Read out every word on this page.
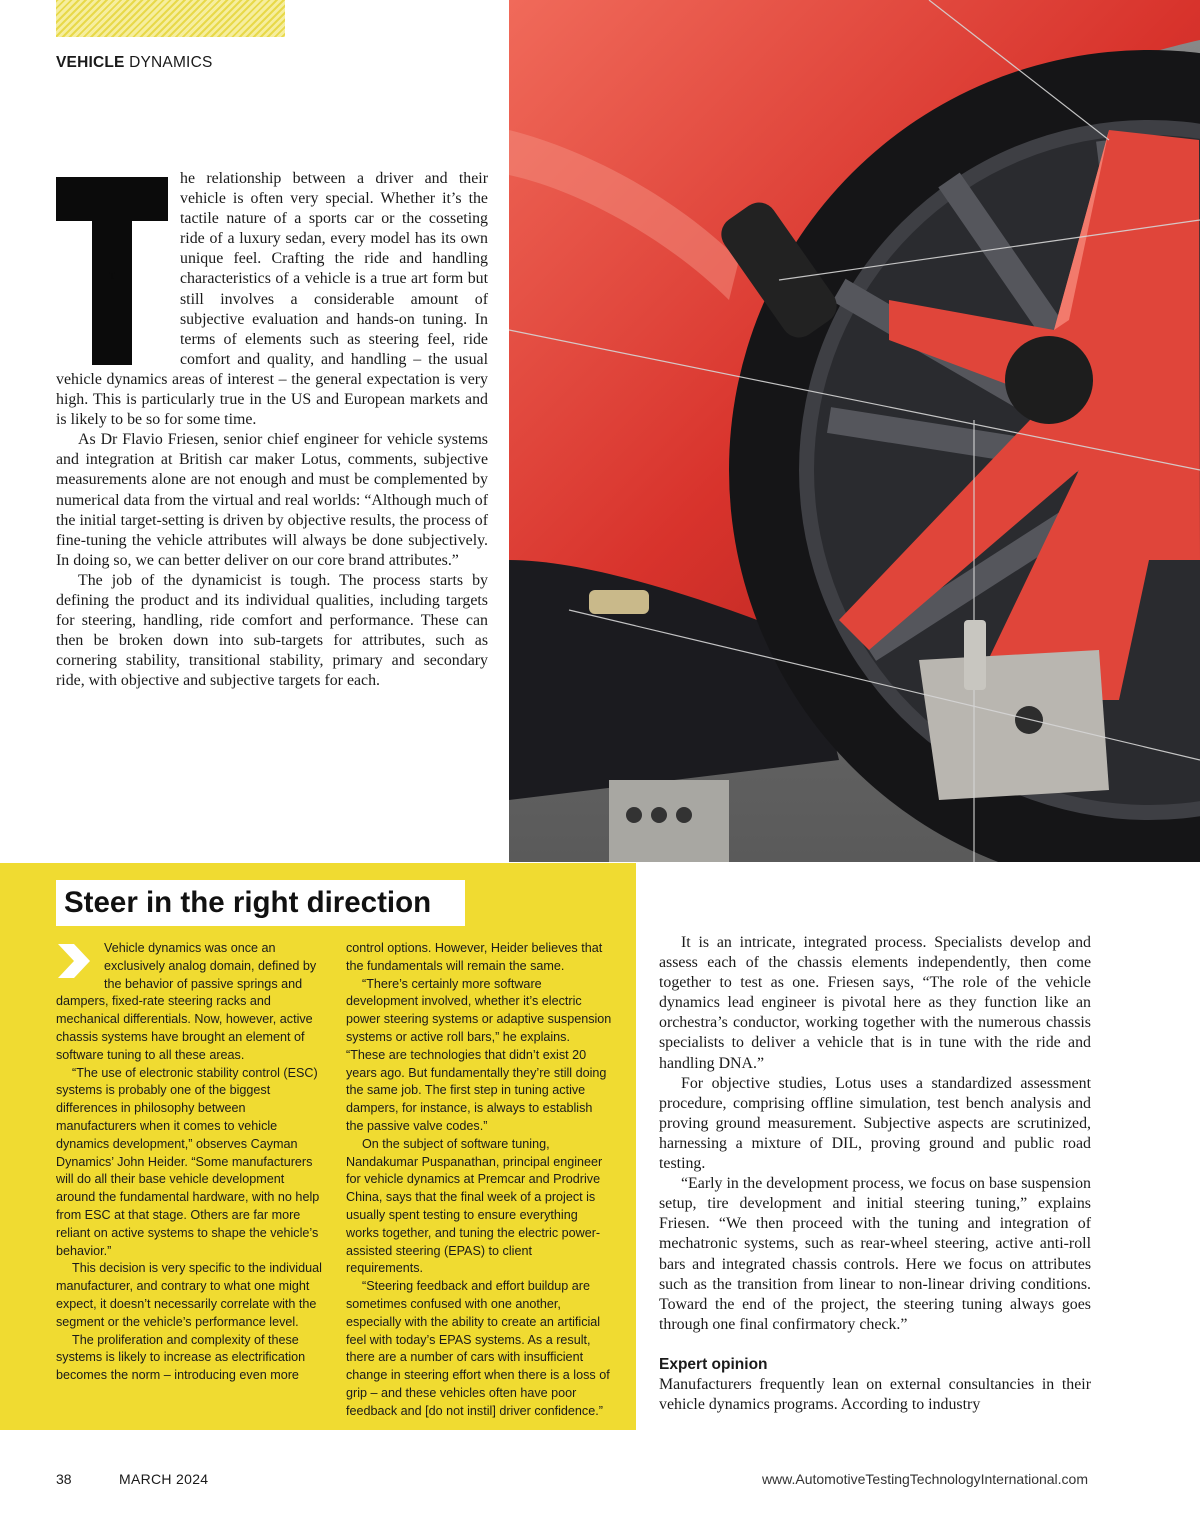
VEHICLE DYNAMICS
T

he relationship between a driver and their vehicle is often very special. Whether it’s the tactile nature of a sports car or the cosseting ride of a luxury sedan, every model has its own unique feel. Crafting the ride and handling characteristics of a vehicle is a true art form but still involves a considerable amount of subjective evaluation and hands-on tuning. In terms of elements such as steering feel, ride comfort and quality, and handling – the usual vehicle dynamics areas of interest – the general expectation is very high. This is particularly true in the US and European markets and is likely to be so for some time.

As Dr Flavio Friesen, senior chief engineer for vehicle systems and integration at British car maker Lotus, comments, subjective measurements alone are not enough and must be complemented by numerical data from the virtual and real worlds: “Although much of the initial target-setting is driven by objective results, the process of fine-tuning the vehicle attributes will always be done subjectively. In doing so, we can better deliver on our core brand attributes.”

The job of the dynamicist is tough. The process starts by defining the product and its individual qualities, including targets for steering, handling, ride comfort and performance. These can then be broken down into sub-targets for attributes, such as cornering stability, transitional stability, primary and secondary ride, with objective and subjective targets for each.

Steer in the right direction

Vehicle dynamics was once an exclusively analog domain, defined by the behavior of passive springs and dampers, fixed-rate steering racks and mechanical differentials. Now, however, active chassis systems have brought an element of software tuning to all these areas.

“The use of electronic stability control (ESC) systems is probably one of the biggest differences in philosophy between manufacturers when it comes to vehicle dynamics development,” observes Cayman Dynamics’ John Heider. “Some manufacturers will do all their base vehicle development around the fundamental hardware, with no help from ESC at that stage. Others are far more reliant on active systems to shape the vehicle’s behavior.”

This decision is very specific to the individual manufacturer, and contrary to what one might expect, it doesn’t necessarily correlate with the segment or the vehicle’s performance level.

The proliferation and complexity of these systems is likely to increase as electrification becomes the norm – introducing even more

control options. However, Heider believes that the fundamentals will remain the same.

“There’s certainly more software development involved, whether it’s electric power steering systems or adaptive suspension systems or active roll bars,” he explains. “These are technologies that didn’t exist 20 years ago. But fundamentally they’re still doing the same job. The first step in tuning active dampers, for instance, is always to establish the passive valve codes.”

On the subject of software tuning, Nandakumar Puspanathan, principal engineer for vehicle dynamics at Premcar and Prodrive China, says that the final week of a project is usually spent testing to ensure everything works together, and tuning the electric power-assisted steering (EPAS) to client requirements.

“Steering feedback and effort buildup are sometimes confused with one another, especially with the ability to create an artificial feel with today’s EPAS systems. As a result, there are a number of cars with insufficient change in steering effort when there is a loss of grip – and these vehicles often have poor feedback and [do not instil] driver confidence.”

It is an intricate, integrated process. Specialists develop and assess each of the chassis elements independently, then come together to test as one. Friesen says, “The role of the vehicle dynamics lead engineer is pivotal here as they function like an orchestra’s conductor, working together with the numerous chassis specialists to deliver a vehicle that is in tune with the ride and handling DNA.”

For objective studies, Lotus uses a standardized assessment procedure, comprising offline simulation, test bench analysis and proving ground measurement. Subjective aspects are scrutinized, harnessing a mixture of DIL, proving ground and public road testing.

“Early in the development process, we focus on base suspension setup, tire development and initial steering tuning,” explains Friesen. “We then proceed with the tuning and integration of mechatronic systems, such as rear-wheel steering, active anti-roll bars and integrated chassis controls. Here we focus on attributes such as the transition from linear to non-linear driving conditions. Toward the end of the project, the steering tuning always goes through one final confirmatory check.”

Expert opinion

Manufacturers frequently lean on external consultancies in their vehicle dynamics programs. According to industry

38	MARCH 2024	www.AutomotiveTestingTechnologyInternational.com
